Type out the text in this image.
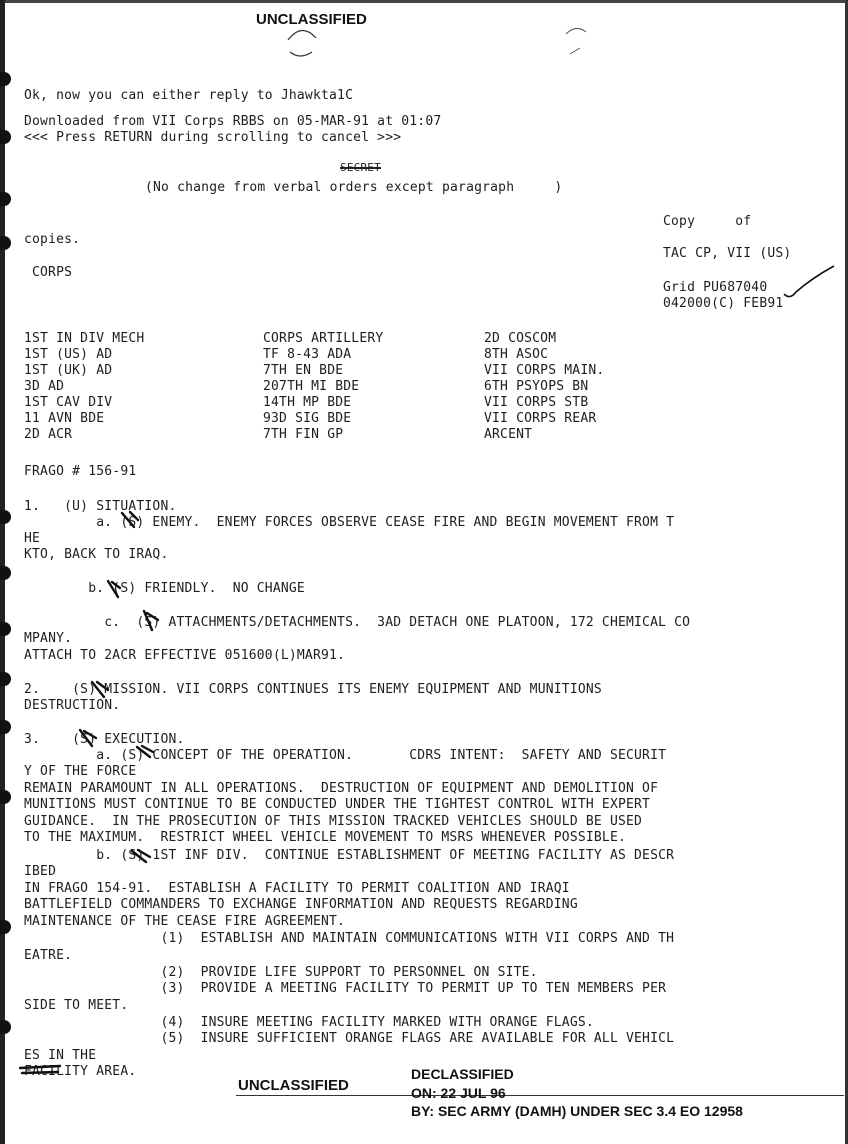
UNCLASSIFIED
Ok, now you can either reply to Jhawkta1C
Downloaded from VII Corps RBBS on 05-MAR-91 at 01:07
<<< Press RETURN during scrolling to cancel >>>
SECRET
(No change from verbal orders except paragraph     )
Copy     of
copies.
TAC CP, VII (US)
CORPS
Grid PU687040
042000(C) FEB91
1ST IN DIV MECH
1ST (US) AD
1ST (UK) AD
3D AD
1ST CAV DIV
11 AVN BDE
2D ACR
CORPS ARTILLERY
TF 8-43 ADA
7TH EN BDE
207TH MI BDE
14TH MP BDE
93D SIG BDE
7TH FIN GP
2D COSCOM
8TH ASOC
VII CORPS MAIN.
6TH PSYOPS BN
VII CORPS STB
VII CORPS REAR
ARCENT
FRAGO # 156-91
1.   (U) SITUATION.
a. (S) ENEMY.  ENEMY FORCES OBSERVE CEASE FIRE AND BEGIN MOVEMENT FROM T
HE
KTO, BACK TO IRAQ.
b. (S) FRIENDLY.  NO CHANGE
c.  (S) ATTACHMENTS/DETACHMENTS.  3AD DETACH ONE PLATOON, 172 CHEMICAL CO
MPANY.
ATTACH TO 2ACR EFFECTIVE 051600(L)MAR91.
2.    (S) MISSION. VII CORPS CONTINUES ITS ENEMY EQUIPMENT AND MUNITIONS
DESTRUCTION.
3.    (S) EXECUTION.
a. (S) CONCEPT OF THE OPERATION.       CDRS INTENT:  SAFETY AND SECURIT
Y OF THE FORCE
REMAIN PARAMOUNT IN ALL OPERATIONS.  DESTRUCTION OF EQUIPMENT AND DEMOLITION OF
MUNITIONS MUST CONTINUE TO BE CONDUCTED UNDER THE TIGHTEST CONTROL WITH EXPERT
GUIDANCE.  IN THE PROSECUTION OF THIS MISSION TRACKED VEHICLES SHOULD BE USED
TO THE MAXIMUM.  RESTRICT WHEEL VEHICLE MOVEMENT TO MSRS WHENEVER POSSIBLE.
b. (S) 1ST INF DIV.  CONTINUE ESTABLISHMENT OF MEETING FACILITY AS DESCR
IBED
IN FRAGO 154-91.  ESTABLISH A FACILITY TO PERMIT COALITION AND IRAQI
BATTLEFIELD COMMANDERS TO EXCHANGE INFORMATION AND REQUESTS REGARDING
MAINTENANCE OF THE CEASE FIRE AGREEMENT.
(1)  ESTABLISH AND MAINTAIN COMMUNICATIONS WITH VII CORPS AND TH
EATRE.
(2)  PROVIDE LIFE SUPPORT TO PERSONNEL ON SITE.
(3)  PROVIDE A MEETING FACILITY TO PERMIT UP TO TEN MEMBERS PER
SIDE TO MEET.
(4)  INSURE MEETING FACILITY MARKED WITH ORANGE FLAGS.
(5)  INSURE SUFFICIENT ORANGE FLAGS ARE AVAILABLE FOR ALL VEHICL
ES IN THE
FACILITY AREA.
UNCLASSIFIED
DECLASSIFIED
ON: 22 JUL 96
BY: SEC ARMY (DAMH) UNDER SEC 3.4 EO 12958
